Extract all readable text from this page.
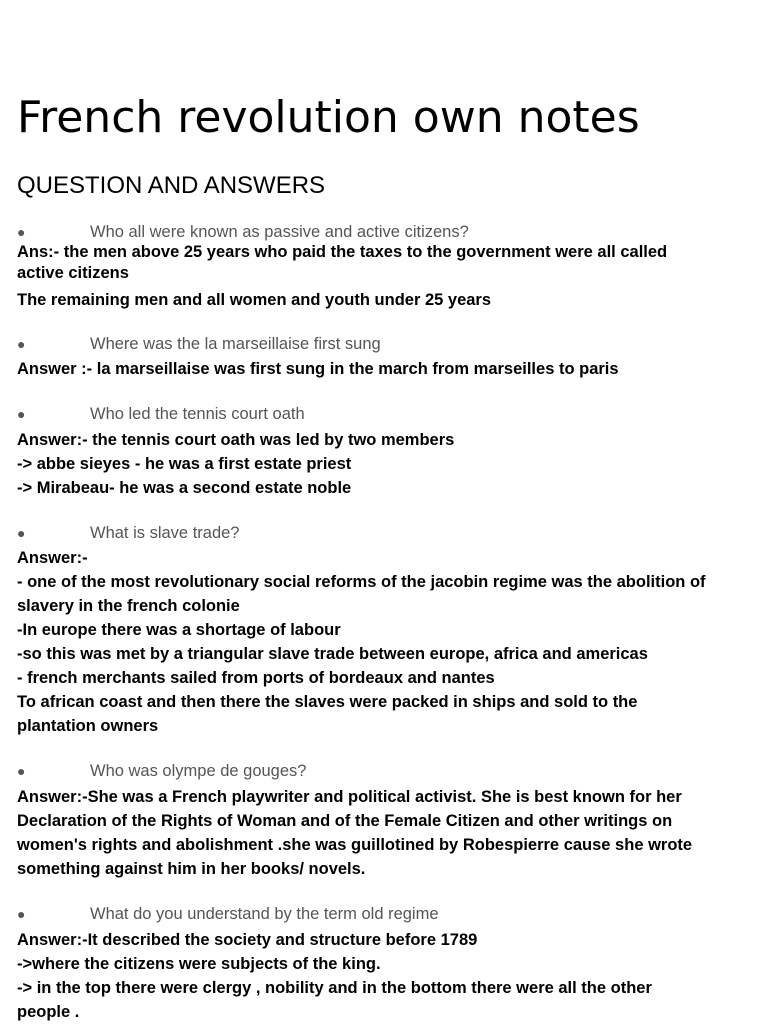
French revolution own notes
QUESTION AND ANSWERS
●	Who all were known as passive and active citizens?
Ans:- the men above 25 years who paid the taxes to the government were all called
active citizens
The remaining men and all women and youth under 25 years
●	Where was the la marseillaise first sung
Answer :- la marseillaise was first sung in the march from marseilles to paris
●	Who led the tennis court oath
Answer:- the tennis court oath was led by two members
-> abbe sieyes - he was a first estate priest
-> Mirabeau- he was a second estate noble
●	What is slave trade?
Answer:-
- one of the most revolutionary social reforms of the jacobin regime was the abolition of
slavery in the french colonie
-In europe there was a shortage of labour
-so this was met by a triangular slave trade between europe, africa and americas
- french merchants sailed from ports of bordeaux and nantes
To african coast and then there the slaves were packed in ships and sold to the
plantation owners
●	Who was olympe de gouges?
Answer:-She was a French playwriter and political activist. She is best known for her
Declaration of the Rights of Woman and of the Female Citizen and other writings on
women's rights and abolishment .she was guillotined by Robespierre cause she wrote
something against him in her books/ novels.
●	What do you understand by the term old regime
Answer:-It described the society and structure before 1789
->where the citizens were subjects of the king.
-> in the top there were clergy , nobility and in the bottom there were all the other
people .
